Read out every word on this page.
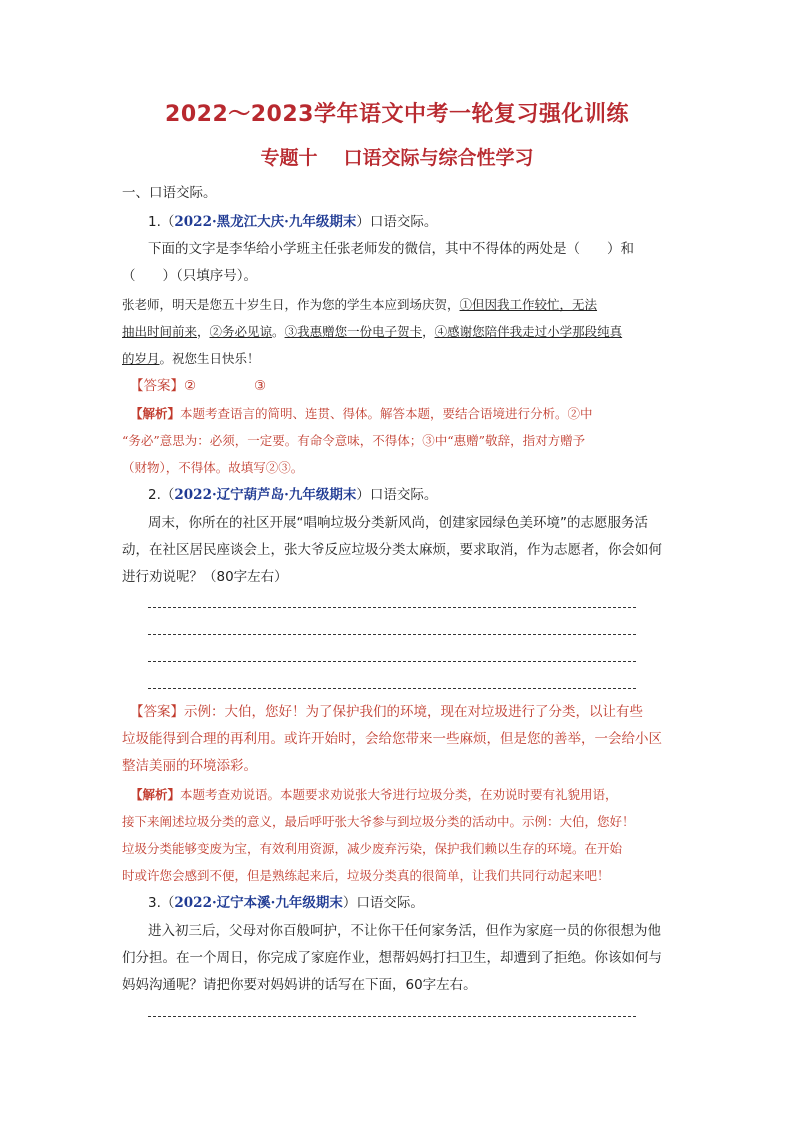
2022～2023学年语文中考一轮复习强化训练
专题十 口语交际与综合性学习
一、口语交际。
1.（2022·黑龙江大庆·九年级期末）口语交际。
下面的文字是李华给小学班主任张老师发的微信，其中不得体的两处是（　　）和
（　　）（只填序号）。
张老师，明天是您五十岁生日，作为您的学生本应到场庆贺，①但因我工作较忙，无法
抽出时间前来，②务必见谅。③我惠赠您一份电子贺卡，④感谢您陪伴我走过小学那段纯真
的岁月。祝您生日快乐！
【答案】②	③
【解析】本题考查语言的简明、连贯、得体。解答本题，要结合语境进行分析。②中
“务必”意思为：必须，一定要。有命令意味，不得体；③中“惠赠”敬辞，指对方赠予
（财物），不得体。故填写②③。
2.（2022·辽宁葫芦岛·九年级期末）口语交际。
周末，你所在的社区开展“唱响垃圾分类新风尚，创建家园绿色美环境”的志愿服务活
动，在社区居民座谈会上，张大爷反应垃圾分类太麻烦，要求取消，作为志愿者，你会如何
进行劝说呢？（80字左右）
【答案】示例：大伯，您好！为了保护我们的环境，现在对垃圾进行了分类，以让有些
垃圾能得到合理的再利用。或许开始时，会给您带来一些麻烦，但是您的善举，一会给小区
整洁美丽的环境添彩。
【解析】本题考查劝说语。本题要求劝说张大爷进行垃圾分类，在劝说时要有礼貌用语，
接下来阐述垃圾分类的意义，最后呼吁张大爷参与到垃圾分类的活动中。示例：大伯，您好！
垃圾分类能够变废为宝，有效利用资源，减少废弃污染，保护我们赖以生存的环境。在开始
时或许您会感到不便，但是熟练起来后，垃圾分类真的很简单，让我们共同行动起来吧！
3.（2022·辽宁本溪·九年级期末）口语交际。
进入初三后，父母对你百般呵护，不让你干任何家务活，但作为家庭一员的你很想为他
们分担。在一个周日，你完成了家庭作业，想帮妈妈打扫卫生，却遭到了拒绝。你该如何与
妈妈沟通呢？请把你要对妈妈讲的话写在下面，60字左右。
